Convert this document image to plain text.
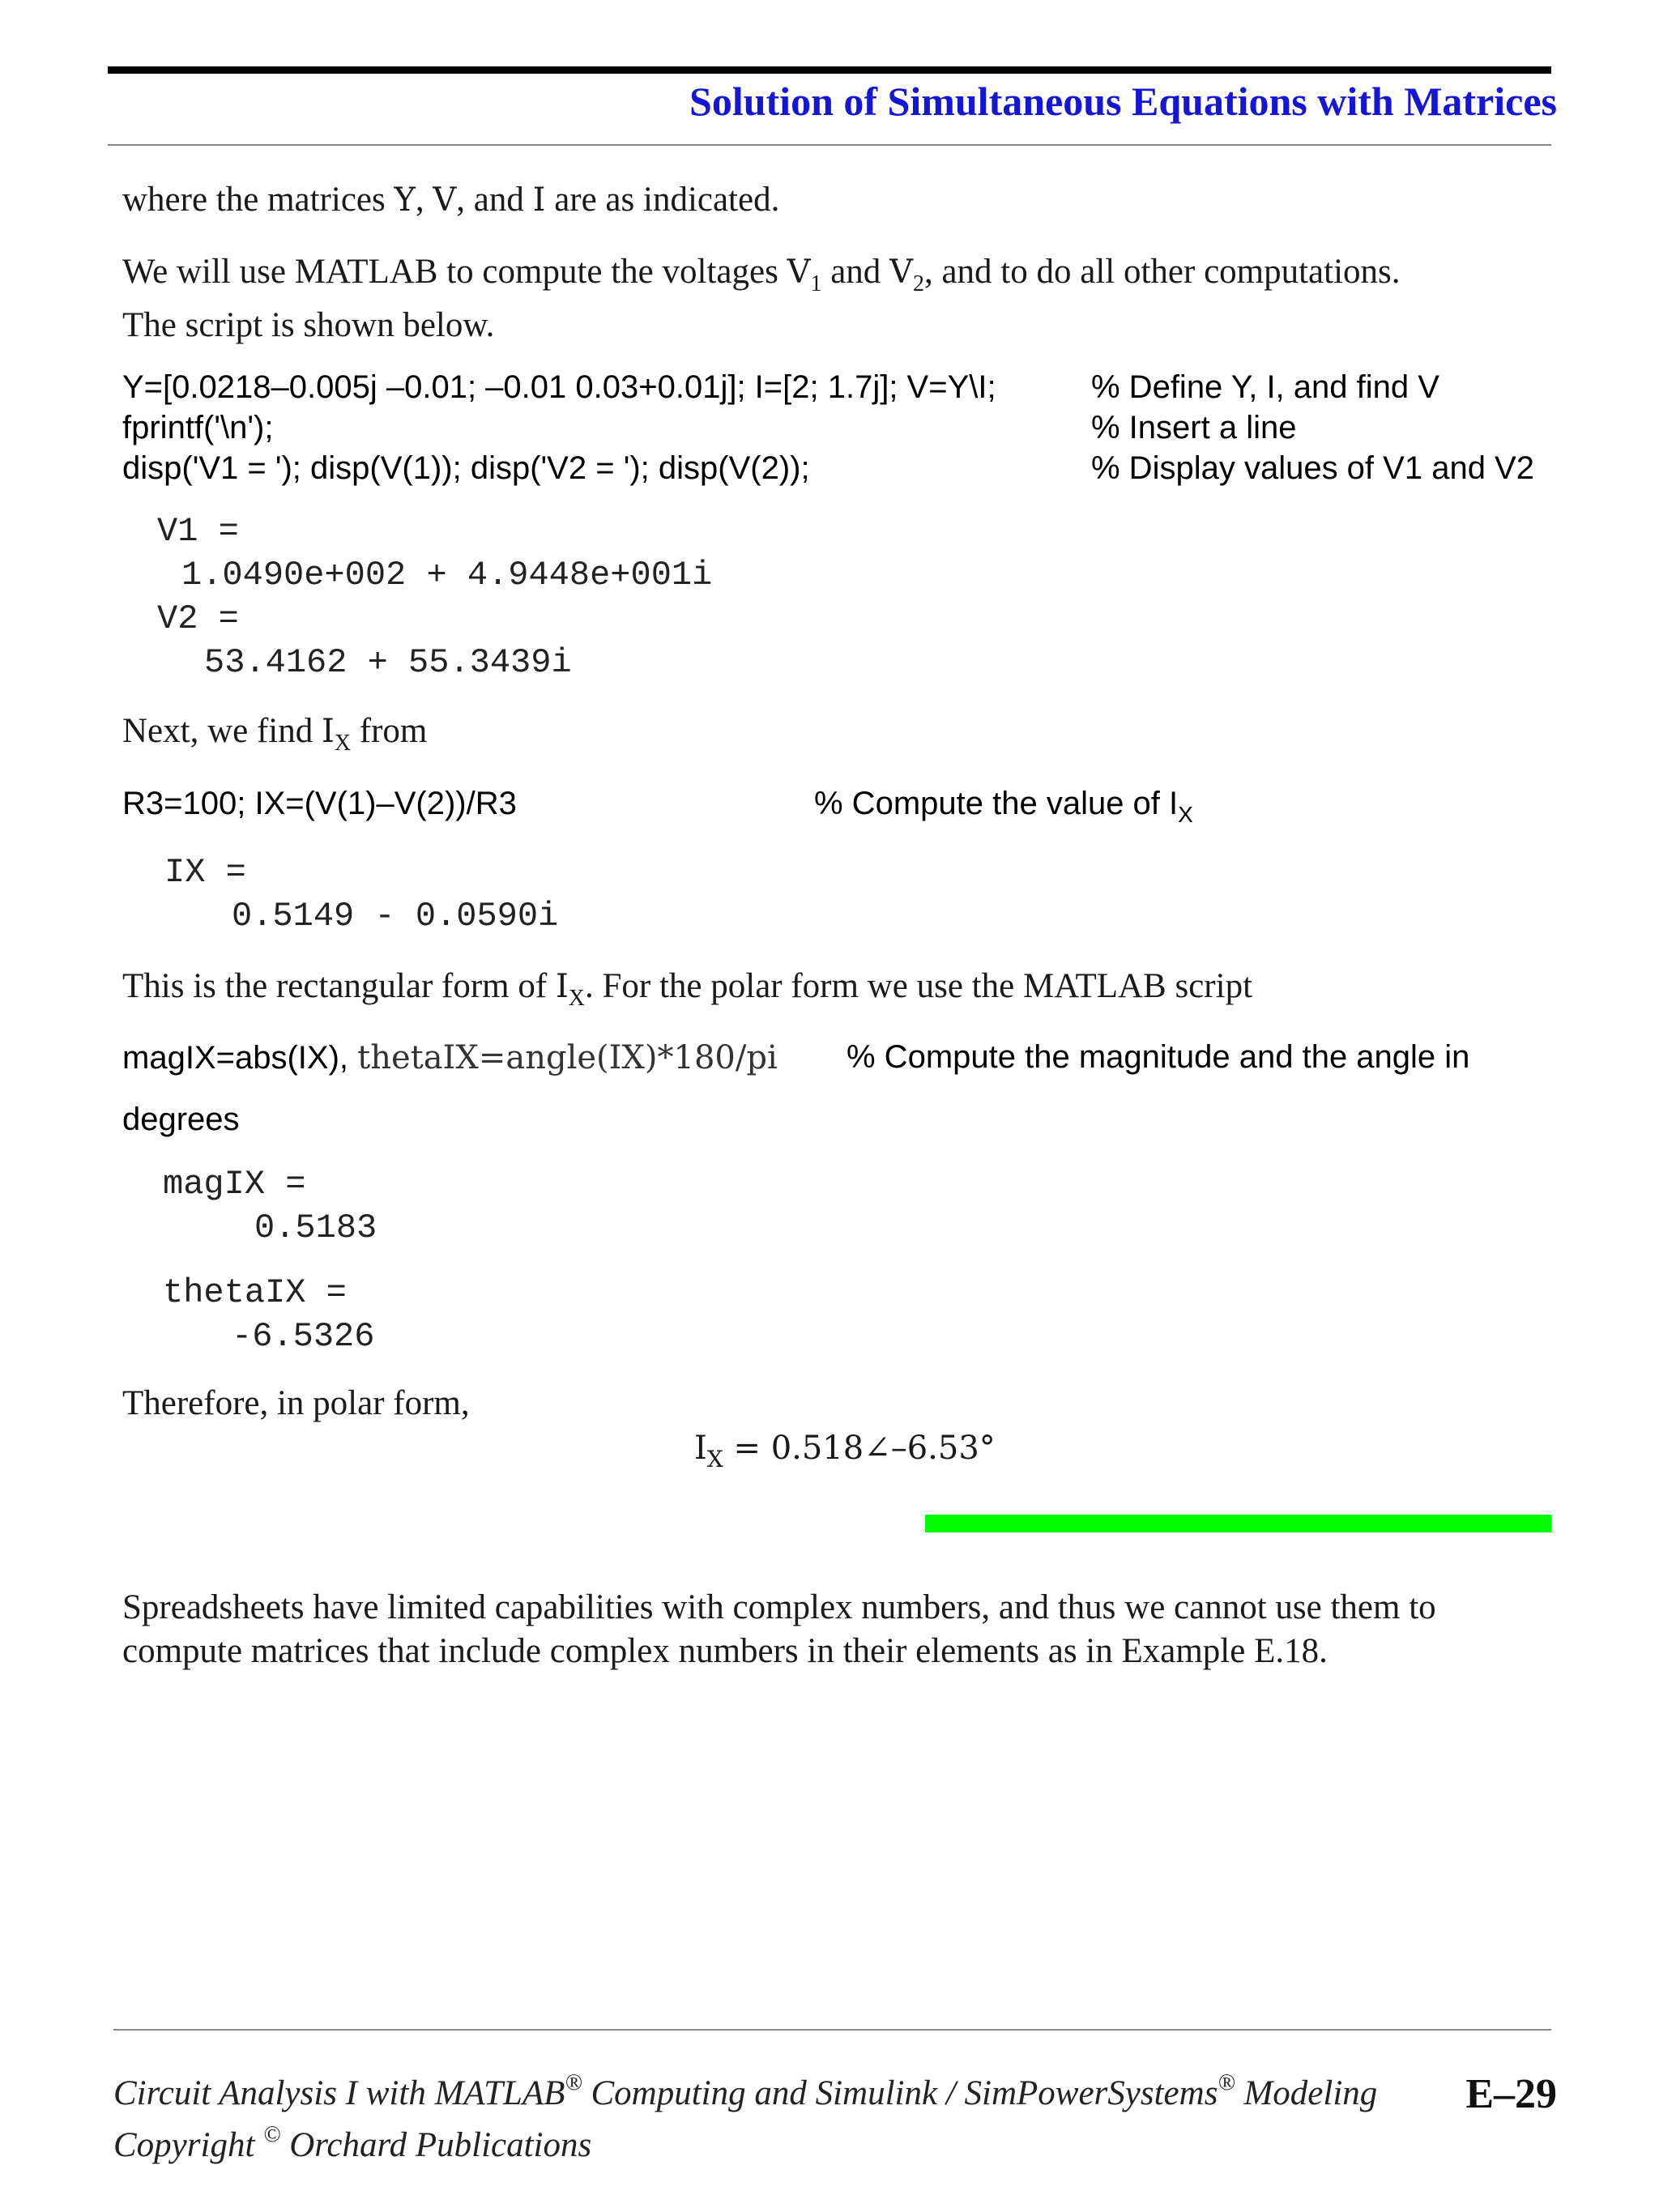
Solution of Simultaneous Equations with Matrices
where the matrices Y, V, and I are as indicated.
We will use MATLAB to compute the voltages $V_1$ and $V_2$, and to do all other computations.
The script is shown below.
Y=[0.0218–0.005j –0.01; –0.01 0.03+0.01j]; I=[2; 1.7j]; V=Y\I;	% Define Y, I, and find V
fprintf('\n');	% Insert a line
disp('V1 = '); disp(V(1)); disp('V2 = '); disp(V(2));	% Display values of V1 and V2
V1 =
1.0490e+002 + 4.9448e+001i
V2 =
53.4162 + 55.3439i
Next, we find $I_X$ from
R3=100; IX=(V(1)–V(2))/R3	% Compute the value of $I_X$
IX =
0.5149 - 0.0590i
This is the rectangular form of $I_X$. For the polar form we use the MATLAB script
magIX=abs(IX), thetaIX=angle(IX)*180/pi % Compute the magnitude and the angle in
degrees
magIX =
0.5183
thetaIX =
-6.5326
Therefore, in polar form,
$I_X$ = 0.518∠–6.53°
Spreadsheets have limited capabilities with complex numbers, and thus we cannot use them to
compute matrices that include complex numbers in their elements as in Example E.18.
Circuit Analysis I with MATLAB® Computing and Simulink / SimPowerSystems® Modeling E–29
Copyright © Orchard Publications
